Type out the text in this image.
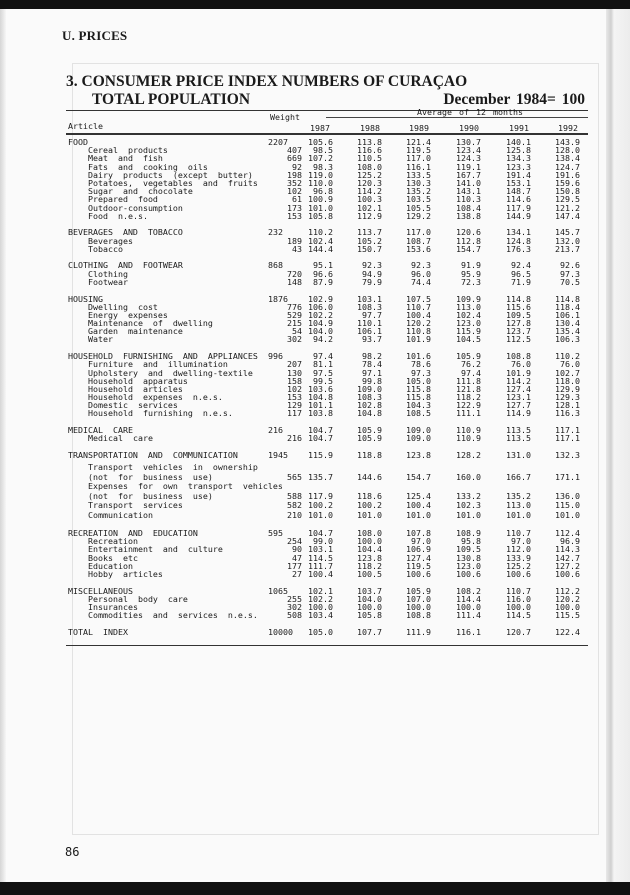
U. PRICES
3. CONSUMER PRICE INDEX NUMBERS OF CURAÇAO
TOTAL POPULATION	December 1984= 100
Average of 12 months
Weight
Article	1987	1988	1989	1990	1991	1992
FOOD	2207 105.6	113.8	121.4	130.7	140.1	143.9
Cereal  products	407 98.5	116.6	119.5	123.4	125.8	128.0
Meat  and  fish	669 107.2	110.5	117.0	124.3	134.3	138.4
Fats  and  cooking  oils	92 98.3	108.0	116.1	119.1	123.3	124.7
Dairy  products  (except  butter)	198 119.0	125.2	133.5	167.7	191.4	191.6
Potatoes,  vegetables  and  fruits	352 110.0	120.3	130.3	141.0	153.1	159.6
Sugar  and  chocolate	102 96.8	114.2	135.2	143.1	148.7	150.8
Prepared  food	61 100.9	100.3	103.5	110.3	114.6	129.5
Outdoor-consumption	173 101.0	102.1	105.5	108.4	117.9	121.2
Food  n.e.s.	153 105.8	112.9	129.2	138.8	144.9	147.4
BEVERAGES  AND  TOBACCO	232	110.2	113.7	117.0	120.6	134.1	145.7
Beverages	189 102.4	105.2	108.7	112.8	124.8	132.0
Tobacco	43 144.4	150.7	153.6	154.7	176.3	213.7
CLOTHING  AND  FOOTWEAR	868	95.1	92.3	92.3	91.9	92.4	92.6
Clothing	720 96.6	94.9	96.0	95.9	96.5	97.3
Footwear	148 87.9	79.9	74.4	72.3	71.9	70.5
HOUSING	1876 102.9	103.1	107.5	109.9	114.8	114.8
Dwelling  cost	776 106.0	108.3	110.7	113.0	115.6	118.4
Energy  expenses	529 102.2	97.7	100.4	102.4	109.5	106.1
Maintenance  of  dwelling	215 104.9	110.1	120.2	123.0	127.8	130.4
Garden  maintenance	54 104.0	106.1	110.8	115.9	123.7	135.4
Water	302 94.2	93.7	101.9	104.5	112.5	106.3
HOUSEHOLD  FURNISHING  AND  APPLIANCES 996	97.4	98.2	101.6	105.9	108.8	110.2
Furniture  and  illumination	207 81.1	78.4	78.6	76.2	76.0	76.0
Upholstery  and  dwelling-textile	130 97.5	97.1	97.3	97.4	101.9	102.7
Household  apparatus	158 99.5	99.8	105.0	111.8	114.2	118.0
Household  articles	102 103.6	109.0	115.8	121.8	127.4	129.9
Household  expenses  n.e.s.	153 104.8	108.3	115.8	118.2	123.1	129.3
Domestic  services	129 101.1	102.8	104.3	122.9	127.7	128.1
Household  furnishing  n.e.s.	117 103.8	104.8	108.5	111.1	114.9	116.3
MEDICAL  CARE	216	104.7	105.9	109.0	110.9	113.5	117.1
Medical  care	216 104.7	105.9	109.0	110.9	113.5	117.1
TRANSPORTATION  AND  COMMUNICATION	1945 115.9	118.8	123.8	128.2	131.0	132.3
Transport  vehicles  in  ownership
(not  for  business  use)	565 135.7	144.6	154.7	160.0	166.7	171.1
Expenses  for  own  transport  vehicles
(not  for  business  use)	588 117.9	118.6	125.4	133.2	135.2	136.0
Transport  services	582 100.2	100.2	100.4	102.3	113.0	115.0
Communication	210 101.0	101.0	101.0	101.0	101.0	101.0
RECREATION  AND  EDUCATION	595	104.7	108.0	107.8	108.9	110.7	112.4
Recreation	254 99.0	100.0	97.0	95.8	97.0	96.9
Entertainment  and  culture	90 103.1	104.4	106.9	109.5	112.0	114.3
Books  etc	47 114.5	123.8	127.4	130.8	133.9	142.7
Education	177 111.7	118.2	119.5	123.0	125.2	127.2
Hobby  articles	27 100.4	100.5	100.6	100.6	100.6	100.6
MISCELLANEOUS	1065 102.1	103.7	105.9	108.2	110.7	112.2
Personal  body  care	255 102.2	104.0	107.0	114.4	116.0	120.2
Insurances	302 100.0	100.0	100.0	100.0	100.0	100.0
Commodities  and  services  n.e.s.	508 103.4	105.8	108.8	111.4	114.5	115.5
TOTAL  INDEX	10000 105.0	107.7	111.9	116.1	120.7	122.4
86
